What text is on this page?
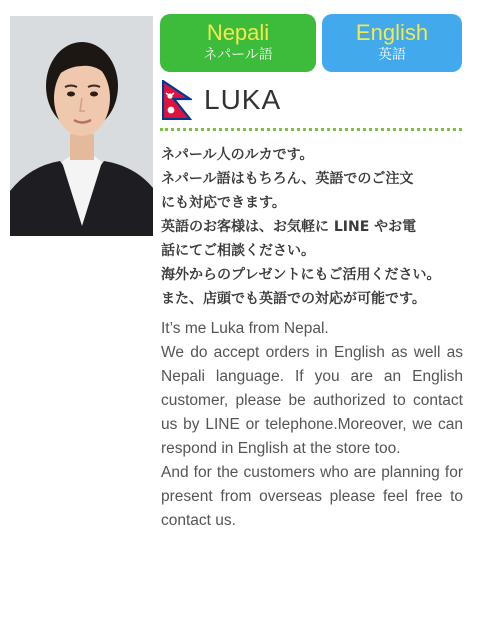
Nepali
ネパール語
English
英語
LUKA
ネパール人のルカです。
ネパール語はもちろん、英語でのご注文
にも対応できます。
英語のお客様は、お気軽に LINE やお電
話にてご相談ください。
海外からのプレゼントにもご活用ください。
また、店頭でも英語での対応が可能です。

It’s me Luka from Nepal.

We do accept orders in English as well as Nepali language. If you are an English customer, please be authorized to contact us by LINE or telephone.Moreover, we can respond in English at the store too.

And for the customers who are planning for present from overseas please feel free to contact us.
